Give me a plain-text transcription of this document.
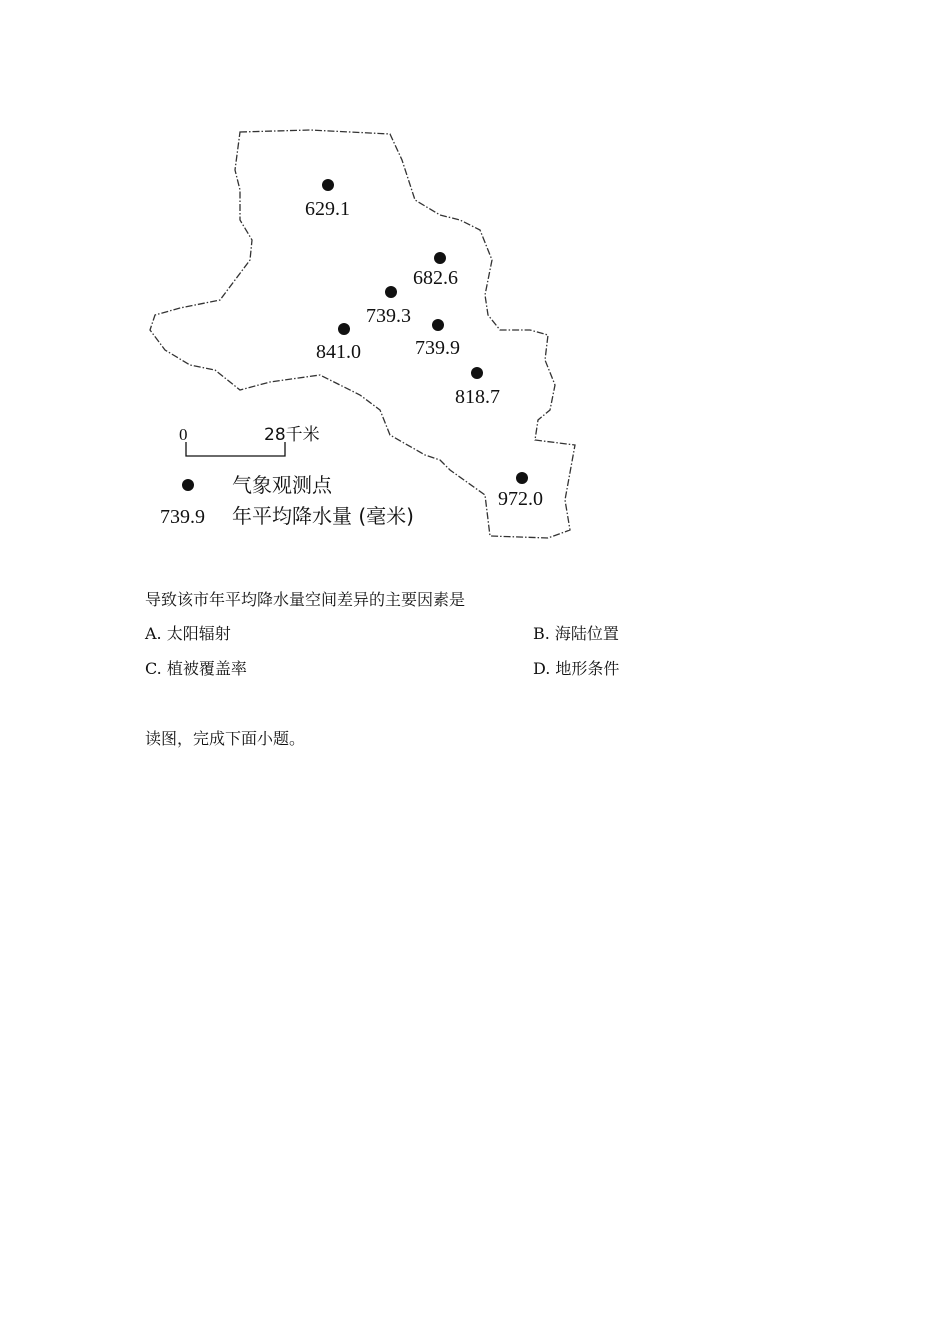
629.1
682.6
739.3
841.0	739.9
818.7
972.0
0	28千米
气象观测点
739.9 年平均降水量 (毫米)
导致该市年平均降水量空间差异的主要因素是
A. 太阳辐射	B. 海陆位置
C. 植被覆盖率	D. 地形条件
读图，完成下面小题。
